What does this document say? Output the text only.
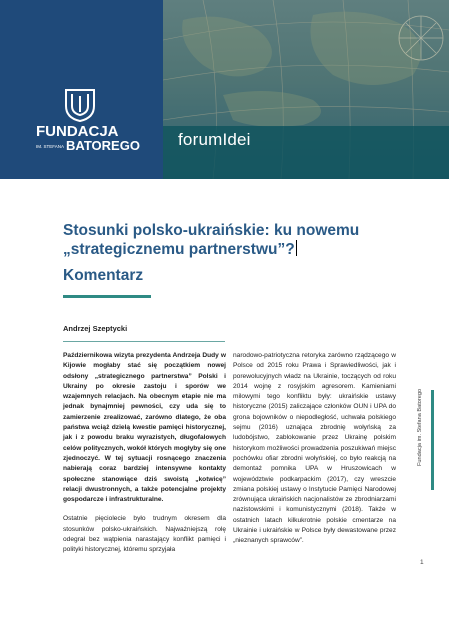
forumIdei
FUNDACJA
IM. STEFANA BATOREGO
Stosunki polsko-ukraińskie: ku nowemu „strategicznemu partnerstwu”?
Komentarz
Andrzej Szeptycki

Październikowa wizyta prezydenta Andrzeja Dudy w Kijowie mogłaby stać się początkiem nowej odsłony „strategicznego partnerstwa” Polski i Ukrainy po okresie zastoju i sporów we wzajemnych relacjach. Na obecnym etapie nie ma jednak bynajmniej pewności, czy uda się to zamierzenie zrealizować, zarówno dlatego, że oba państwa wciąż dzielą kwestie pamięci historycznej, jak i z powodu braku wyrazistych, długofalowych celów politycznych, wokół których mogłyby się one zjednoczyć. W tej sytuacji rosnącego znaczenia nabierają coraz bardziej intensywne kontakty społeczne stanowiące dziś swoistą „kotwicę” relacji dwustronnych, a także potencjalne projekty gospodarcze i infrastrukturalne.

Ostatnie pięciolecie było trudnym okresem dla stosunków polsko-ukraińskich. Najważniejszą rolę odegrał bez wątpienia narastający konflikt pamięci i polityki historycznej, któremu sprzyjała

narodowo-patriotyczna retoryka zarówno rządzącego w Polsce od 2015 roku Prawa i Sprawiedliwości, jak i porewolucyjnych władz na Ukrainie, toczących od roku 2014 wojnę z rosyjskim agresorem. Kamieniami milowymi tego konfliktu były: ukraińskie ustawy historyczne (2015) zaliczające członków OUN i UPA do grona bojowników o niepodległość, uchwała polskiego sejmu (2016) uznająca zbrodnię wołyńską za ludobójstwo, zablokowanie przez Ukrainę polskim historykom możliwości prowadzenia poszukiwań miejsc pochówku ofiar zbrodni wołyńskiej, co było reakcją na demontaż pomnika UPA w Hruszowicach w województwie podkarpackim (2017), czy wreszcie zmiana polskiej ustawy o Instytucie Pamięci Narodowej zrównująca ukraińskich nacjonalistów ze zbrodniarzami nazistowskimi i komunistycznymi (2018). Także w ostatnich latach kilkukrotnie polskie cmentarze na Ukrainie i ukraińskie w Polsce były dewastowane przez „nieznanych sprawców”.

Fundacja im. Stefana Batorego
1
